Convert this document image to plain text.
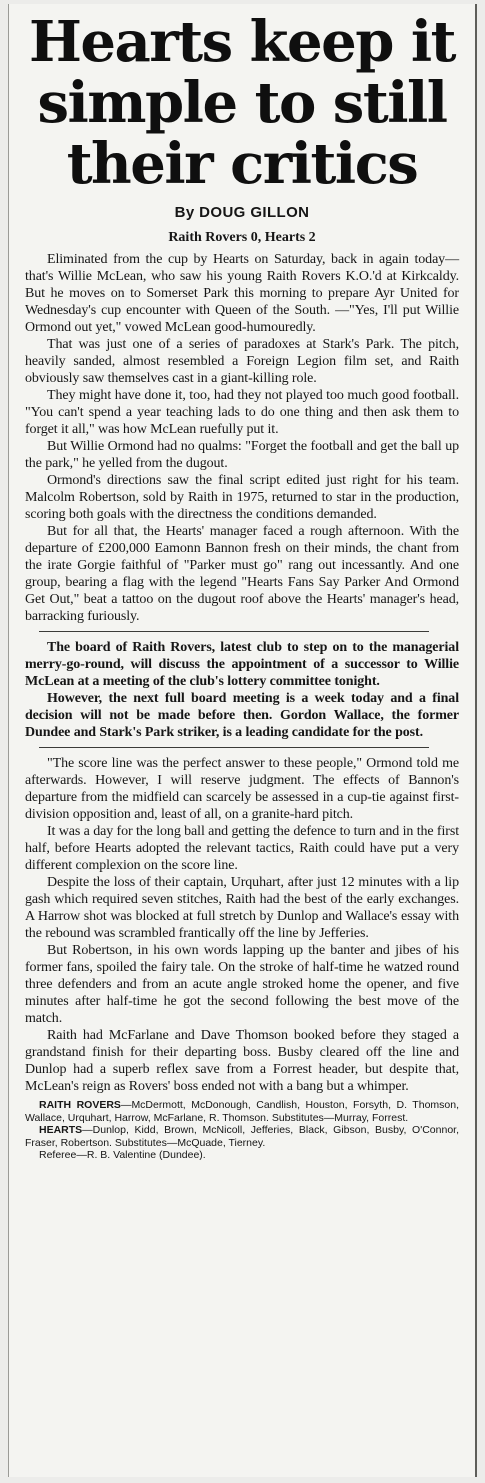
Hearts keep it
simple to still
their critics
By DOUG GILLON
Raith Rovers 0, Hearts 2

Eliminated from the cup by Hearts on Saturday, back in again today—that's Willie McLean, who saw his young Raith Rovers K.O.'d at Kirkcaldy. But he moves on to Somerset Park this morning to prepare Ayr United for Wednesday's cup encounter with Queen of the South. —"Yes, I'll put Willie Ormond out yet," vowed McLean good-humouredly.

That was just one of a series of paradoxes at Stark's Park. The pitch, heavily sanded, almost resembled a Foreign Legion film set, and Raith obviously saw themselves cast in a giant-killing role.

They might have done it, too, had they not played too much good football. "You can't spend a year teaching lads to do one thing and then ask them to forget it all," was how McLean ruefully put it.

But Willie Ormond had no qualms: "Forget the football and get the ball up the park," he yelled from the dugout.

Ormond's directions saw the final script edited just right for his team. Malcolm Robertson, sold by Raith in 1975, returned to star in the production, scoring both goals with the directness the conditions demanded.

But for all that, the Hearts' manager faced a rough afternoon. With the departure of £200,000 Eamonn Bannon fresh on their minds, the chant from the irate Gorgie faithful of "Parker must go" rang out incessantly. And one group, bearing a flag with the legend "Hearts Fans Say Parker And Ormond Get Out," beat a tattoo on the dugout roof above the Hearts' manager's head, barracking furiously.

The board of Raith Rovers, latest club to step on to the managerial merry-go-round, will discuss the appointment of a successor to Willie McLean at a meeting of the club's lottery committee tonight.

However, the next full board meeting is a week today and a final decision will not be made before then. Gordon Wallace, the former Dundee and Stark's Park striker, is a leading candidate for the post.

"The score line was the perfect answer to these people," Ormond told me afterwards. However, I will reserve judgment. The effects of Bannon's departure from the midfield can scarcely be assessed in a cup-tie against first-division opposition and, least of all, on a granite-hard pitch.

It was a day for the long ball and getting the defence to turn and in the first half, before Hearts adopted the relevant tactics, Raith could have put a very different complexion on the score line.

Despite the loss of their captain, Urquhart, after just 12 minutes with a lip gash which required seven stitches, Raith had the best of the early exchanges. A Harrow shot was blocked at full stretch by Dunlop and Wallace's essay with the rebound was scrambled frantically off the line by Jefferies.

But Robertson, in his own words lapping up the banter and jibes of his former fans, spoiled the fairy tale. On the stroke of half-time he watzed round three defenders and from an acute angle stroked home the opener, and five minutes after half-time he got the second following the best move of the match.

Raith had McFarlane and Dave Thomson booked before they staged a grandstand finish for their departing boss. Busby cleared off the line and Dunlop had a superb reflex save from a Forrest header, but despite that, McLean's reign as Rovers' boss ended not with a bang but a whimper.

RAITH ROVERS—McDermott, McDonough, Candlish, Houston, Forsyth, D. Thomson, Wallace, Urquhart, Harrow, McFarlane, R. Thomson. Substitutes—Murray, Forrest.

HEARTS—Dunlop, Kidd, Brown, McNicoll, Jefferies, Black, Gibson, Busby, O'Connor, Fraser, Robertson. Substitutes—McQuade, Tierney.

Referee—R. B. Valentine (Dundee).
